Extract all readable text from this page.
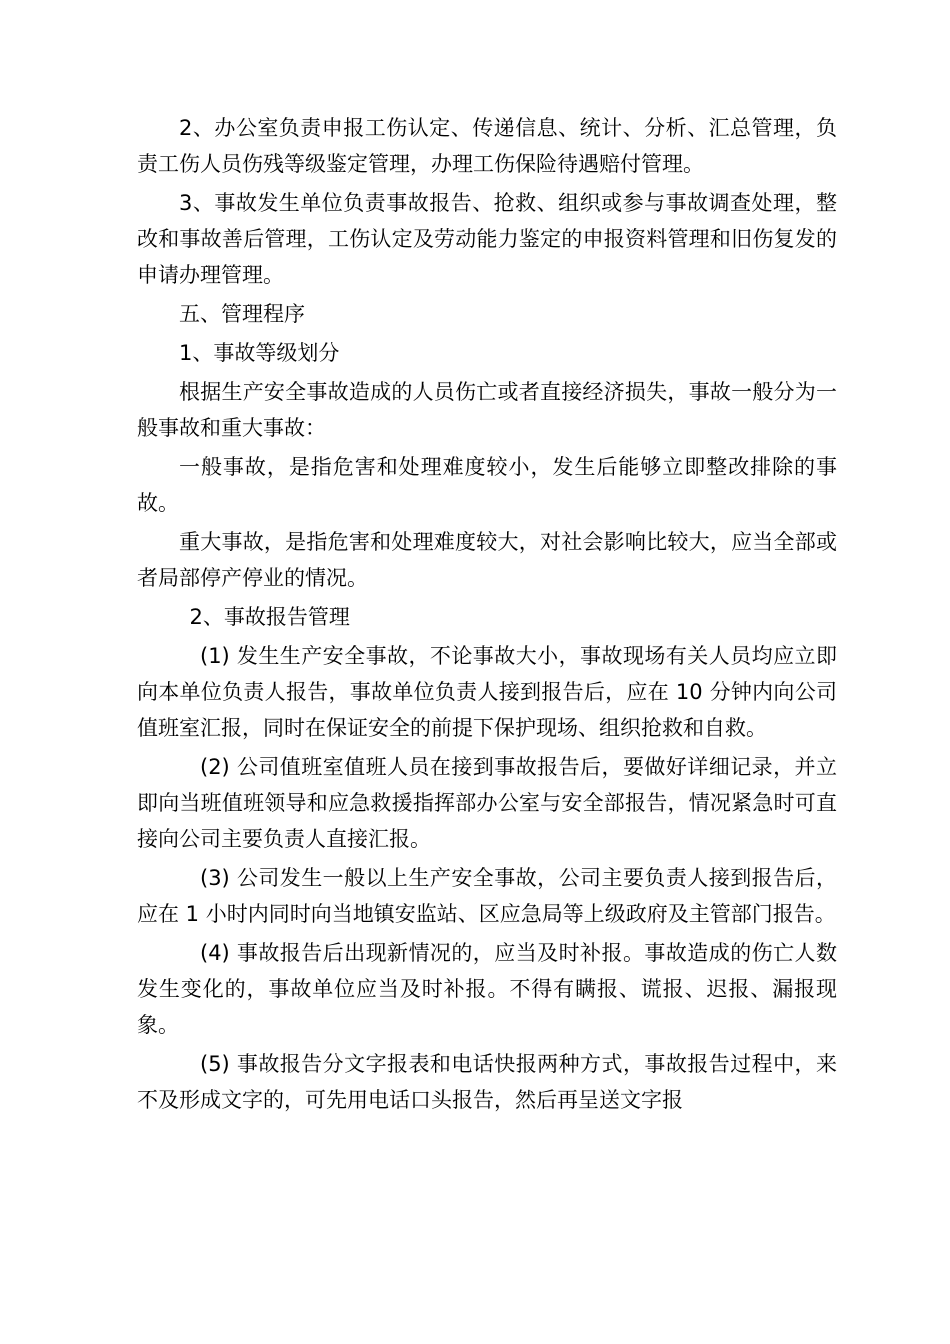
2、办公室负责申报工伤认定、传递信息、统计、分析、汇总管理，负责工伤人员伤残等级鉴定管理，办理工伤保险待遇赔付管理。

3、事故发生单位负责事故报告、抢救、组织或参与事故调查处理，整改和事故善后管理，工伤认定及劳动能力鉴定的申报资料管理和旧伤复发的申请办理管理。

五、管理程序

1、事故等级划分

根据生产安全事故造成的人员伤亡或者直接经济损失，事故一般分为一般事故和重大事故：

一般事故，是指危害和处理难度较小，发生后能够立即整改排除的事故。

重大事故，是指危害和处理难度较大，对社会影响比较大，应当全部或者局部停产停业的情况。

2、事故报告管理

(1) 发生生产安全事故，不论事故大小，事故现场有关人员均应立即向本单位负责人报告，事故单位负责人接到报告后，应在 10 分钟内向公司值班室汇报，同时在保证安全的前提下保护现场、组织抢救和自救。

(2) 公司值班室值班人员在接到事故报告后，要做好详细记录，并立即向当班值班领导和应急救援指挥部办公室与安全部报告，情况紧急时可直接向公司主要负责人直接汇报。

(3) 公司发生一般以上生产安全事故，公司主要负责人接到报告后，应在 1 小时内同时向当地镇安监站、区应急局等上级政府及主管部门报告。

(4) 事故报告后出现新情况的，应当及时补报。事故造成的伤亡人数发生变化的，事故单位应当及时补报。不得有瞒报、谎报、迟报、漏报现象。

(5) 事故报告分文字报表和电话快报两种方式，事故报告过程中，来不及形成文字的，可先用电话口头报告，然后再呈送文字报
